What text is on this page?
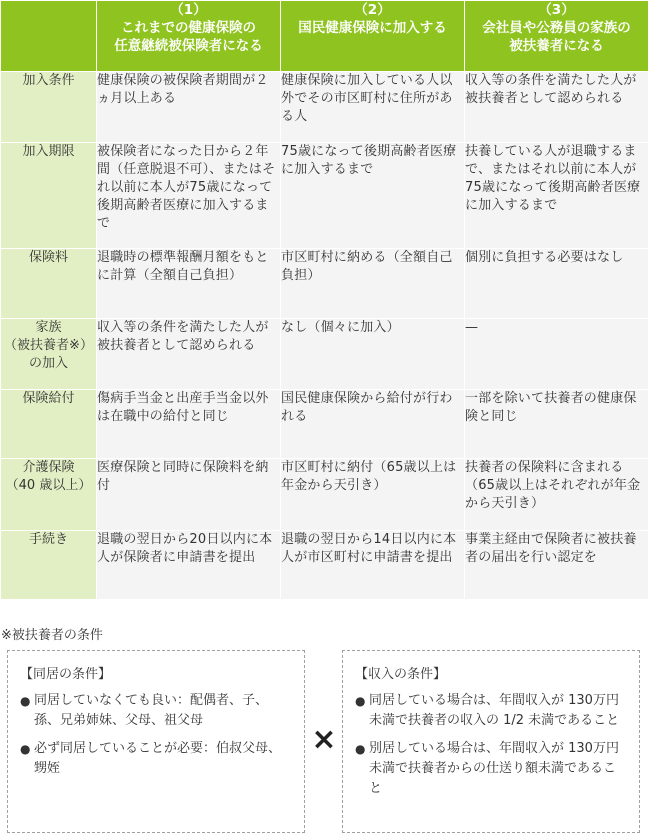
	（1）
これまでの健康保険の
任意継続被保険者になる	（2）
国民健康保険に加入する	（3）
会社員や公務員の家族の
被扶養者になる

加入条件	健康保険の被保険者期間が２ヵ月以上ある	健康保険に加入している人以外でその市区町村に住所がある人	収入等の条件を満たした人が被扶養者として認められる

加入期限	被保険者になった日から２年間（任意脱退不可）、またはそれ以前に本人が75歳になって後期高齢者医療に加入するまで	75歳になって後期高齢者医療に加入するまで	扶養している人が退職するまで、またはそれ以前に本人が75歳になって後期高齢者医療に加入するまで

保険料	退職時の標準報酬月額をもとに計算（全額自己負担）	市区町村に納める（全額自己負担）	個別に負担する必要はなし

家族
（被扶養者※）
の加入	収入等の条件を満たした人が被扶養者として認められる	なし（個々に加入）	—

保険給付	傷病手当金と出産手当金以外は在職中の給付と同じ	国民健康保険から給付が行われる	一部を除いて扶養者の健康保険と同じ

介護保険
（40 歳以上）	医療保険と同時に保険料を納付	市区町村に納付（65歳以上は年金から天引き）	扶養者の保険料に含まれる（65歳以上はそれぞれが年金から天引き）

手続き	退職の翌日から20日以内に本人が保険者に申請書を提出	退職の翌日から14日以内に本人が市区町村に申請書を提出	事業主経由で保険者に被扶養者の届出を行い認定を
※被扶養者の条件
【同居の条件】
● 同居していなくても良い：配偶者、子、孫、兄弟姉妹、父母、祖父母
● 必ず同居していることが必要：伯叔父母、甥姪
×
【収入の条件】
● 同居している場合は、年間収入が 130万円未満で扶養者の収入の 1/2 未満であること
● 別居している場合は、年間収入が 130万円未満で扶養者からの仕送り額未満であること
